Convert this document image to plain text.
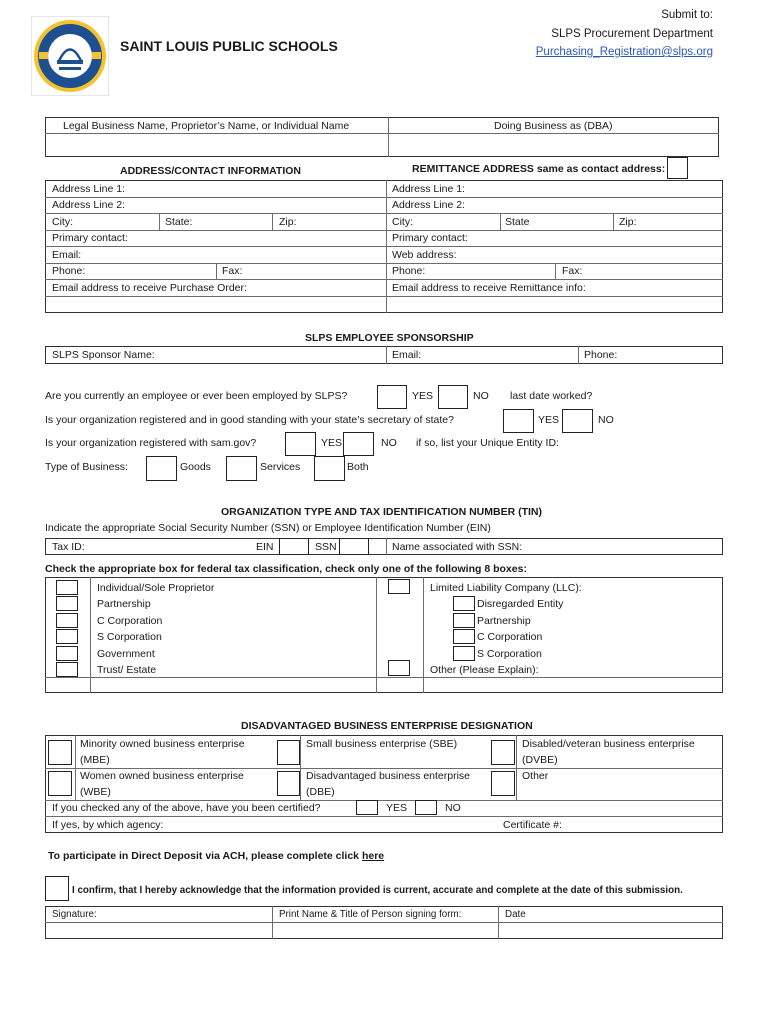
SAINT LOUIS PUBLIC SCHOOLS
Submit to:
SLPS Procurement Department
Purchasing_Registration@slps.org
Legal Business Name, Proprietor’s Name, or Individual Name	Doing Business as (DBA)
ADDRESS/CONTACT INFORMATION	REMITTANCE ADDRESS same as contact address:
Address Line 1:
Address Line 2:
City:	State:	Zip:
Primary contact:
Email:
Phone:	Fax:
Email address to receive Purchase Order:
Address Line 1:
Address Line 2:
City:	State	Zip:
Primary contact:
Web address:
Phone:	Fax:
Email address to receive Remittance info:
SLPS EMPLOYEE SPONSORSHIP
SLPS Sponsor Name:	Email:	Phone:
Are you currently an employee or ever been employed by SLPS?	YES	NO last date worked?
Is your organization registered and in good standing with your state’s secretary of state?	YES	NO
Is your organization registered with sam.gov?	YES	NO if so, list your Unique Entity ID:
Type of Business:	Goods	Services	Both
ORGANIZATION TYPE AND TAX IDENTIFICATION NUMBER (TIN)
Indicate the appropriate Social Security Number (SSN) or Employee Identification Number (EIN)
Tax ID:	EIN	SSN	Name associated with SSN:
Check the appropriate box for federal tax classification, check only one of the following 8 boxes:
Individual/Sole Proprietor
Partnership
C Corporation
S Corporation
Government
Trust/ Estate
Limited Liability Company (LLC):
Disregarded Entity
Partnership
C Corporation
S Corporation
Other (Please Explain):
DISADVANTAGED BUSINESS ENTERPRISE DESIGNATION
Minority owned business enterprise
(MBE)
Small business enterprise (SBE)	Disabled/veteran business enterprise
(DVBE)
Women owned business enterprise
(WBE)
Disadvantaged business enterprise
(DBE)
Other
If you checked any of the above, have you been certified?	YES	NO
If yes, by which agency:	Certificate #:
To participate in Direct Deposit via ACH, please complete click here
I confirm, that I hereby acknowledge that the information provided is current, accurate and complete at the date of this submission.
Signature:	Print Name & Title of Person signing form:	Date
